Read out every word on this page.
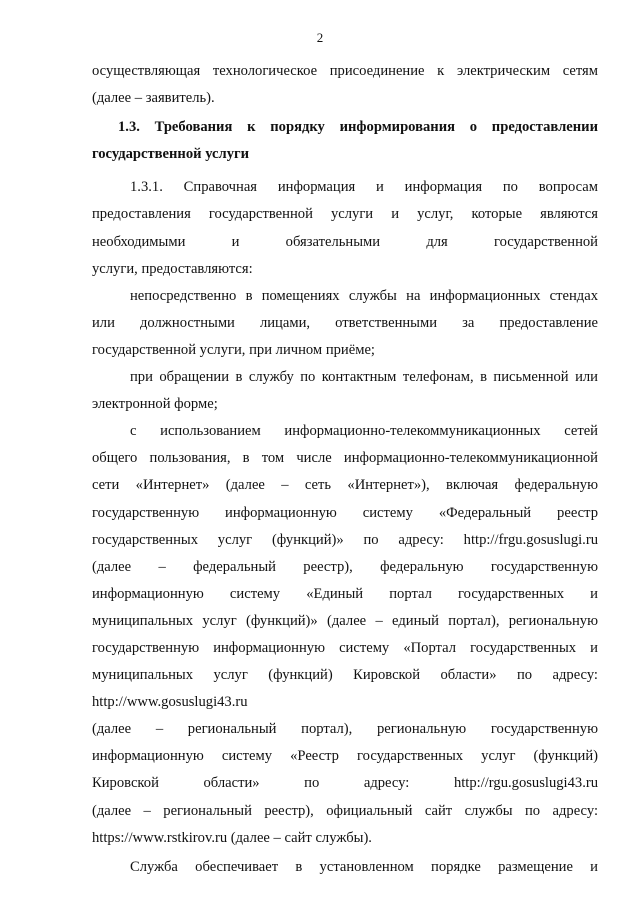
2
осуществляющая технологическое присоединение к электрическим сетям
(далее – заявитель).
1.3. Требования к порядку информирования о предоставлении
государственной услуги
1.3.1. Справочная информация и информация по вопросам
предоставления государственной услуги и услуг, которые являются
необходимыми и обязательными для государственной
услуги, предоставляются:
непосредственно в помещениях службы на информационных стендах
или должностными лицами, ответственными за предоставление
государственной услуги, при личном приёме;
при обращении в службу по контактным телефонам, в письменной или
электронной форме;
с использованием информационно-телекоммуникационных сетей
общего пользования, в том числе информационно-телекоммуникационной
сети «Интернет» (далее – сеть «Интернет»), включая федеральную
государственную информационную систему «Федеральный реестр
государственных услуг (функций)» по адресу: http://frgu.gosuslugi.ru
(далее – федеральный реестр), федеральную государственную
информационную систему «Единый портал государственных и
муниципальных услуг (функций)» (далее – единый портал), региональную
государственную информационную систему «Портал государственных и
муниципальных услуг (функций) Кировской области» по адресу:
http://www.gosuslugi43.ru
(далее – региональный портал), региональную государственную
информационную систему «Реестр государственных услуг (функций)
Кировской области» по адресу: http://rgu.gosuslugi43.ru
(далее – региональный реестр), официальный сайт службы по адресу:
https://www.rstkirov.ru (далее – сайт службы).
Служба обеспечивает в установленном порядке размещение и
